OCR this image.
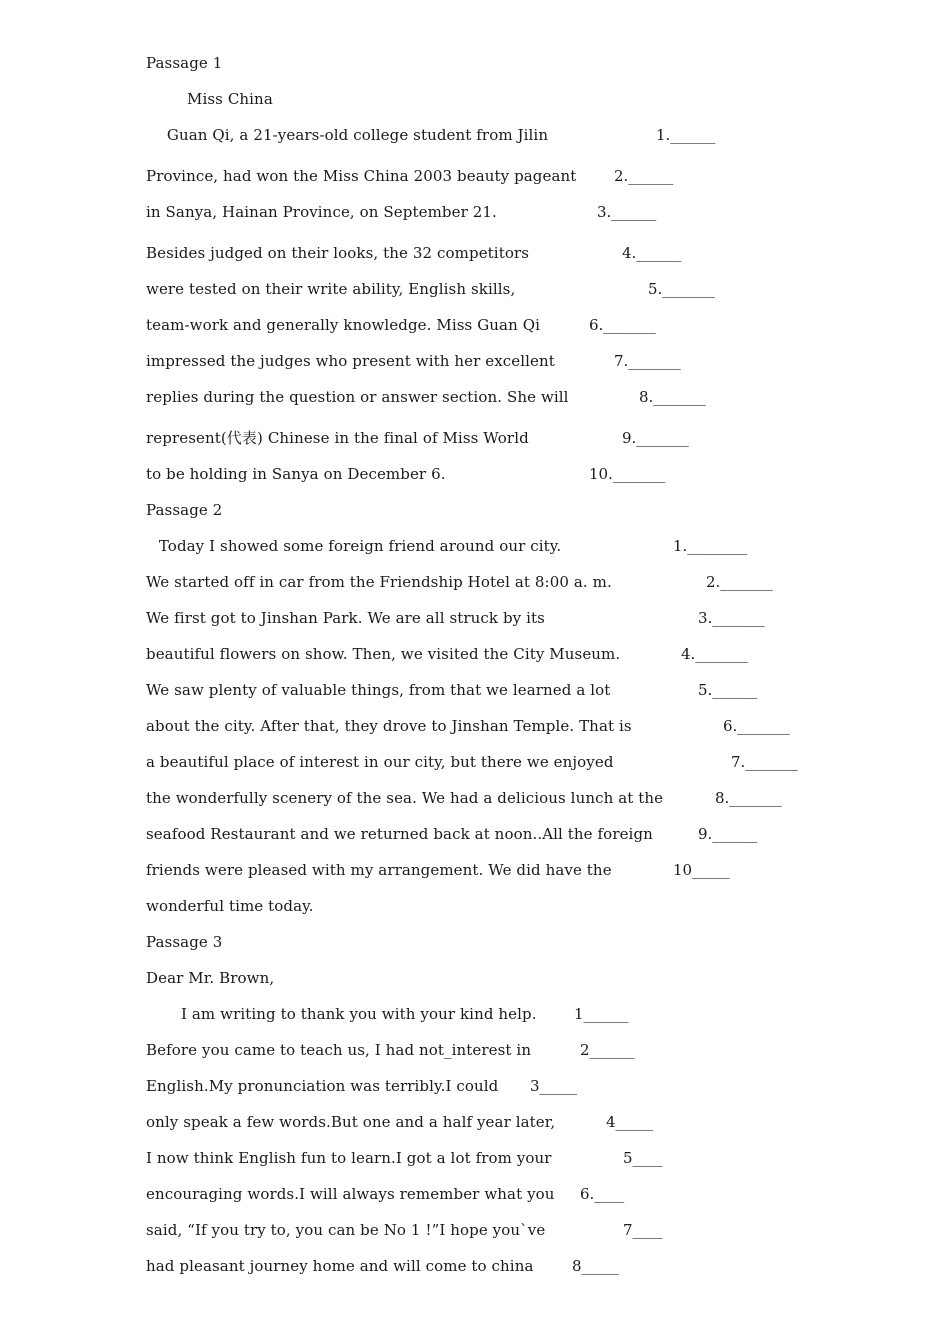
Passage 1
Miss China
Guan Qi, a 21-years-old college student from Jilin	1.______
Province, had won the Miss China 2003 beauty pageant	2.______
in Sanya, Hainan Province, on September 21.	3.______
Besides judged on their looks, the 32 competitors	4.______
were tested on their write ability, English skills,	5._______
team-work and generally knowledge. Miss Guan Qi	6._______
impressed the judges who present with her excellent	7._______
replies during the question or answer section. She will	8._______
represent(代表) Chinese in the final of Miss World	9._______
to be holding in Sanya on December 6.	10._______
Passage 2
Today I showed some foreign friend around our city.	1.________
We started off in car from the Friendship Hotel at 8:00 a. m.	2._______
We first got to Jinshan Park. We are all struck by its	3._______
beautiful flowers on show. Then, we visited the City Museum.	4._______
We saw plenty of valuable things, from that we learned a lot	5.______
about the city. After that, they drove to Jinshan Temple. That is	6._______
a beautiful place of interest in our city, but there we enjoyed	7._______
the wonderfully scenery of the sea. We had a delicious lunch at the	8._______
seafood Restaurant and we returned back at noon..All the foreign	9.______
friends were pleased with my arrangement. We did have the	10_____
wonderful time today.
Passage 3
Dear Mr. Brown,
I am writing to thank you with your kind help. 1______
Before you came to teach us, I had not_interest in	2______
English.My pronunciation was terribly.I could 3_____
only speak a few words.But one and a half year later,	4_____
I now think English fun to learn.I got a lot from your	5____
encouraging words.I will always remember what you 6.____
said, “If you try to, you can be No 1 !”I hope you`ve	7____
had pleasant journey home and will come to china	8_____
